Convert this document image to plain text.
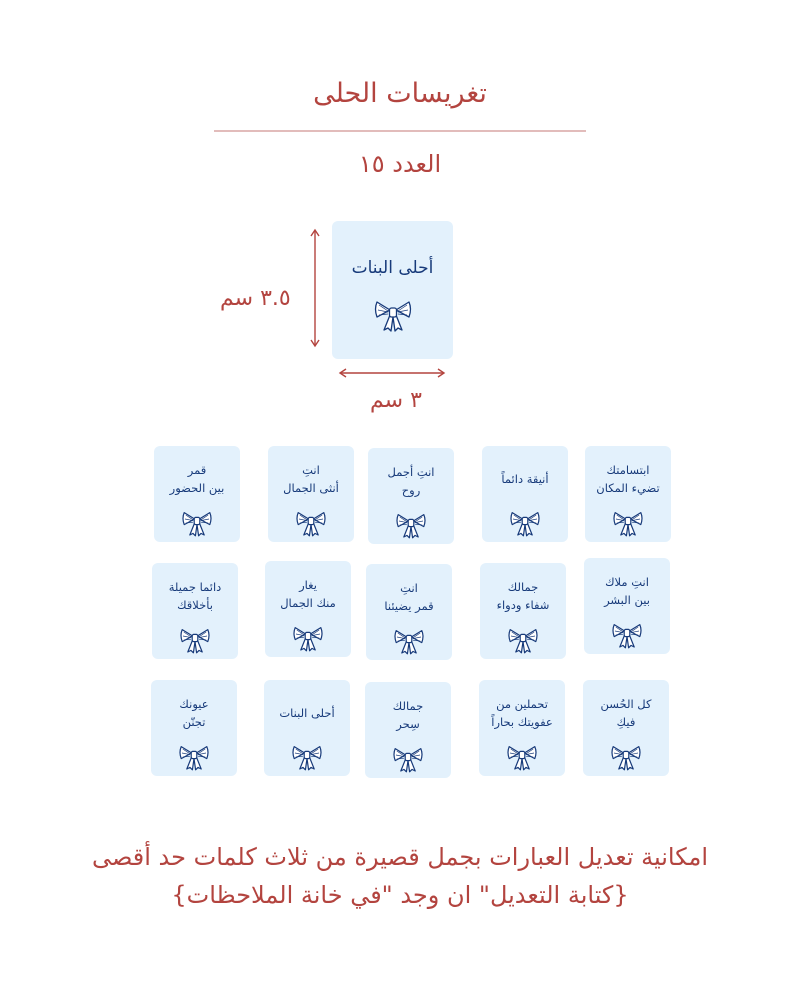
تغريسات الحلى
العدد ١٥
أحلى البنات
٣.٥ سم
٣ سم
قمر
بين الحضور
انتِ
أنثى الجمال
انتِ أجمل
روح
أنيقة دائماً
ابتسامتك
تضيء المكان
دائما جميلة
بأخلاقك
يغار
منك الجمال
انتِ
قمر يضيئنا
جمالك
شفاء ودواء
انتِ ملاك
بين البشر
عيونك
تجنّن
أحلى البنات	جمالك
سِحر
تحملين من
عفويتك بحاراً
كل الحُسن
فيكِ
امكانية تعديل العبارات بجمل قصيرة من ثلاث كلمات حد أقصى
{كتابة التعديل" ان وجد "في خانة الملاحظات}
